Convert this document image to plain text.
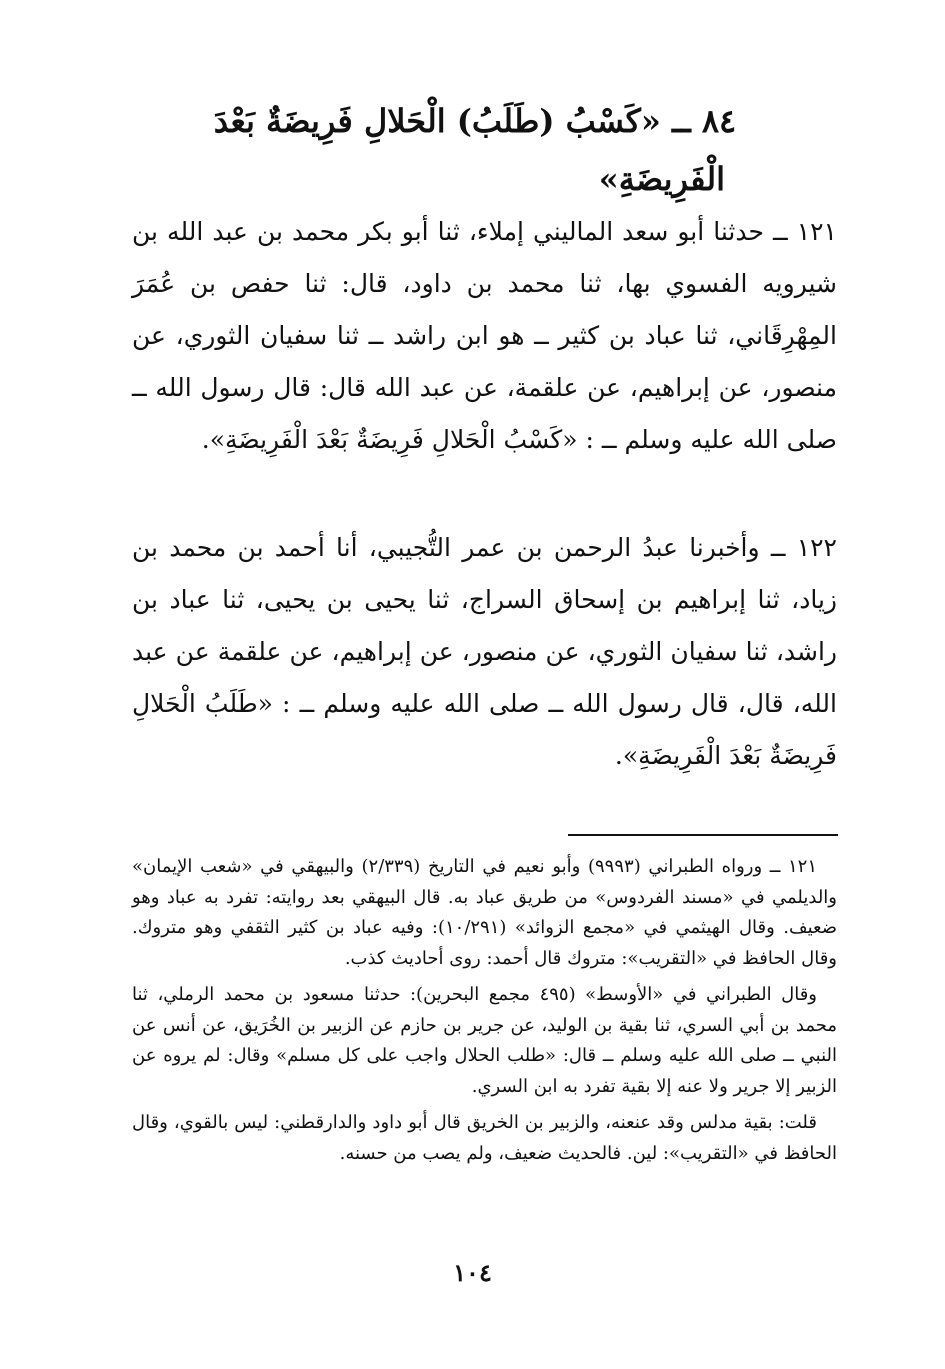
٨٤ ــ «كَسْبُ (طَلَبُ) الْحَلالِ فَرِيضَةٌ بَعْدَ
الْفَرِيضَةِ»
١٢١ ــ حدثنا أبو سعد الماليني إملاء، ثنا أبو بكر محمد بن عبد الله بن شيرويه الفسوي بها، ثنا محمد بن داود، قال: ثنا حفص بن عُمَرَ المِهْرِقَاني، ثنا عباد بن كثير ــ هو ابن راشد ــ ثنا سفيان الثوري، عن منصور، عن إبراهيم، عن علقمة، عن عبد الله قال: قال رسول الله ــ صلى الله عليه وسلم ــ : «كَسْبُ الْحَلالِ فَرِيضَةٌ بَعْدَ الْفَرِيضَةِ».
١٢٢ ــ وأخبرنا عبدُ الرحمن بن عمر التُّجيبي، أنا أحمد بن محمد بن زياد، ثنا إبراهيم بن إسحاق السراج، ثنا يحيى بن يحيى، ثنا عباد بن راشد، ثنا سفيان الثوري، عن منصور، عن إبراهيم، عن علقمة عن عبد الله، قال، قال رسول الله ــ صلى الله عليه وسلم ــ : «طَلَبُ الْحَلالِ فَرِيضَةٌ بَعْدَ الْفَرِيضَةِ».

١٢١ ــ ورواه الطبراني (٩٩٩٣) وأبو نعيم في التاريخ (٢/٣٣٩) والبيهقي في «شعب الإيمان» والديلمي في «مسند الفردوس» من طريق عباد به. قال البيهقي بعد روايته: تفرد به عباد وهو ضعيف. وقال الهيثمي في «مجمع الزوائد» (١٠/٢٩١): وفيه عباد بن كثير الثقفي وهو متروك. وقال الحافظ في «التقريب»: متروك قال أحمد: روى أحاديث كذب.

وقال الطبراني في «الأوسط» (٤٩٥ مجمع البحرين): حدثنا مسعود بن محمد الرملي، ثنا محمد بن أبي السري، ثنا بقية بن الوليد، عن جرير بن حازم عن الزبير بن الخُرَيق، عن أنس عن النبي ــ صلى الله عليه وسلم ــ قال: «طلب الحلال واجب على كل مسلم» وقال: لم يروه عن الزبير إلا جرير ولا عنه إلا بقية تفرد به ابن السري.

قلت: بقية مدلس وقد عنعنه، والزبير بن الخريق قال أبو داود والدارقطني: ليس بالقوي، وقال الحافظ في «التقريب»: لين. فالحديث ضعيف، ولم يصب من حسنه.

١٠٤
